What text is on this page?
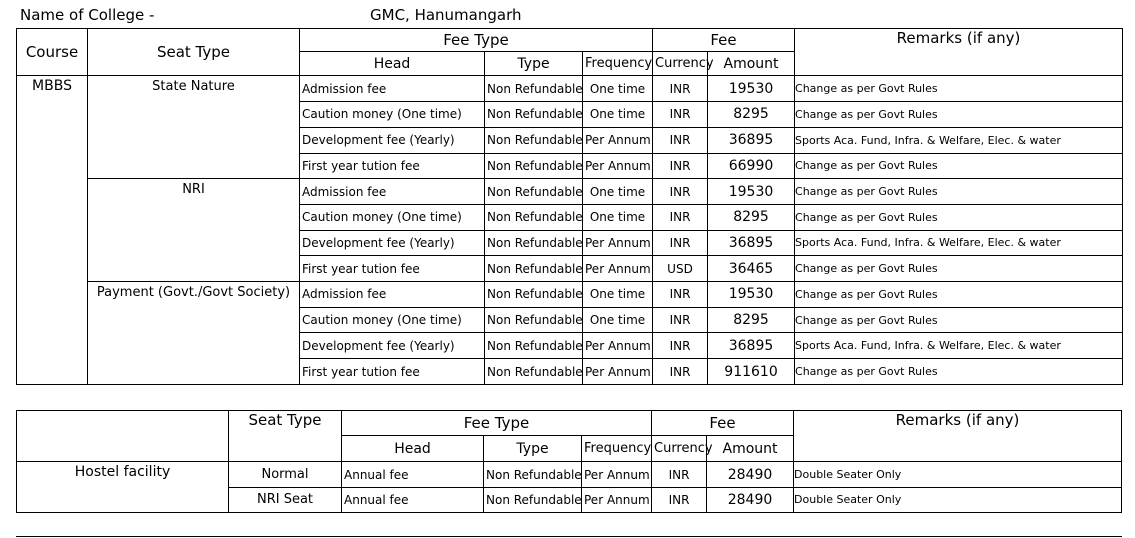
Name of College -	GMC, Hanumangarh
Course	Seat Type	Fee Type			Fee		Remarks (if any)
		Head	Type	Frequency	Currency	Amount	
MBBS	State Nature	Admission fee	Non Refundable	One time	INR	19530	Change as per Govt Rules
		Caution money (One time)	Non Refundable	One time	INR	8295	Change as per Govt Rules
		Development fee (Yearly)	Non Refundable	Per Annum	INR	36895	Sports Aca. Fund, Infra. & Welfare, Elec. & water
		First year tution fee	Non Refundable	Per Annum	INR	66990	Change as per Govt Rules
	NRI	Admission fee	Non Refundable	One time	INR	19530	Change as per Govt Rules
		Caution money (One time)	Non Refundable	One time	INR	8295	Change as per Govt Rules
		Development fee (Yearly)	Non Refundable	Per Annum	INR	36895	Sports Aca. Fund, Infra. & Welfare, Elec. & water
		First year tution fee	Non Refundable	Per Annum	USD	36465	Change as per Govt Rules
	Payment (Govt./Govt Society)	Admission fee	Non Refundable	One time	INR	19530	Change as per Govt Rules
		Caution money (One time)	Non Refundable	One time	INR	8295	Change as per Govt Rules
		Development fee (Yearly)	Non Refundable	Per Annum	INR	36895	Sports Aca. Fund, Infra. & Welfare, Elec. & water
		First year tution fee	Non Refundable	Per Annum	INR	911610	Change as per Govt Rules
	Seat Type	Fee Type			Fee		Remarks (if any)
		Head	Type	Frequency	Currency	Amount	
Hostel facility	Normal	Annual fee	Non Refundable	Per Annum	INR	28490	Double Seater Only
	NRI Seat	Annual fee	Non Refundable	Per Annum	INR	28490	Double Seater Only
